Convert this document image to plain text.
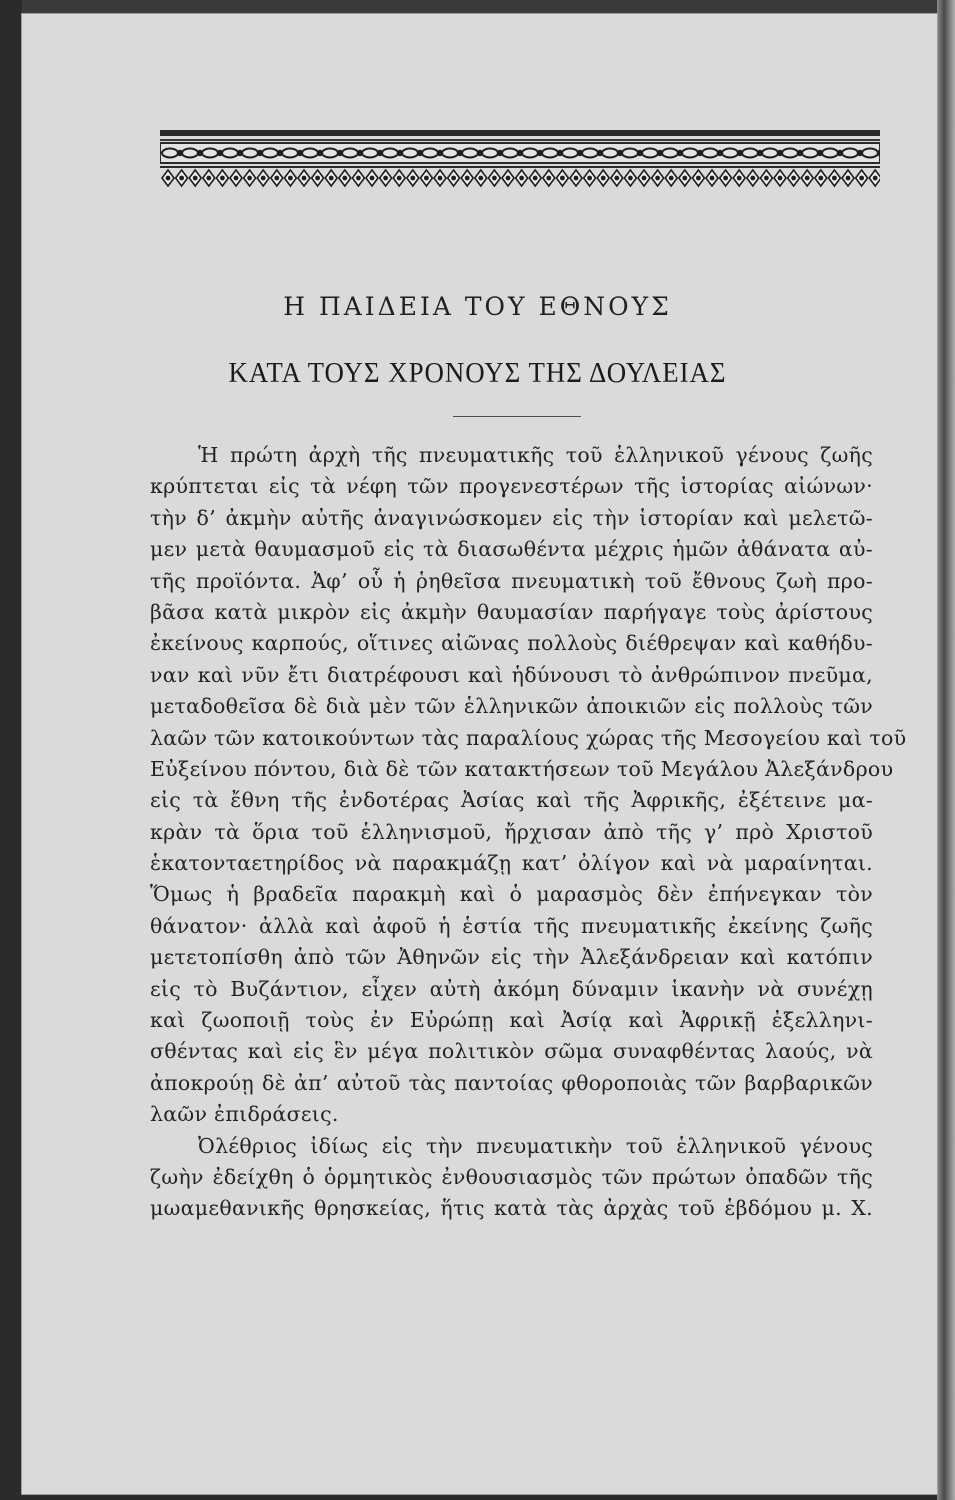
Η ΠΑΙΔΕΙΑ ΤΟΥ ΕΘΝΟΥΣ
ΚΑΤΑ ΤΟΥΣ ΧΡΟΝΟΥΣ ΤΗΣ ΔΟΥΛΕΙΑΣ
Ἡ πρώτη ἀρχὴ τῆς πνευματικῆς τοῦ ἑλληνικοῦ γένους ζωῆς
κρύπτεται εἰς τὰ νέφη τῶν προγενεστέρων τῆς ἱστορίας αἰώνων·
τὴν δ’ ἀκμὴν αὐτῆς ἀναγινώσκομεν εἰς τὴν ἱστορίαν καὶ μελετῶ-
μεν μετὰ θαυμασμοῦ εἰς τὰ διασωθέντα μέχρις ἡμῶν ἀθάνατα αὐ-
τῆς προϊόντα. Ἀφ’ οὗ ἡ ῥηθεῖσα πνευματικὴ τοῦ ἔθνους ζωὴ προ-
βᾶσα κατὰ μικρὸν εἰς ἀκμὴν θαυμασίαν παρήγαγε τοὺς ἀρίστους
ἐκείνους καρπούς, οἵτινες αἰῶνας πολλοὺς διέθρεψαν καὶ καθήδυ-
ναν καὶ νῦν ἔτι διατρέφουσι καὶ ἡδύνουσι τὸ ἀνθρώπινον πνεῦμα,
μεταδοθεῖσα δὲ διὰ μὲν τῶν ἑλληνικῶν ἀποικιῶν εἰς πολλοὺς τῶν
λαῶν τῶν κατοικούντων τὰς παραλίους χώρας τῆς Μεσογείου καὶ τοῦ
Εὐξείνου πόντου, διὰ δὲ τῶν κατακτήσεων τοῦ Μεγάλου Ἀλεξάνδρου
εἰς τὰ ἔθνη τῆς ἐνδοτέρας Ἀσίας καὶ τῆς Ἀφρικῆς, ἐξέτεινε μα-
κρὰν τὰ ὅρια τοῦ ἑλληνισμοῦ, ἤρχισαν ἀπὸ τῆς γ’ πρὸ Χριστοῦ
ἑκατονταετηρίδος νὰ παρακμάζῃ κατ’ ὀλίγον καὶ νὰ μαραίνηται.
Ὅμως ἡ βραδεῖα παρακμὴ καὶ ὁ μαρασμὸς δὲν ἐπήνεγκαν τὸν
θάνατον· ἀλλὰ καὶ ἀφοῦ ἡ ἑστία τῆς πνευματικῆς ἐκείνης ζωῆς
μετετοπίσθη ἀπὸ τῶν Ἀθηνῶν εἰς τὴν Ἀλεξάνδρειαν καὶ κατόπιν
εἰς τὸ Βυζάντιον, εἶχεν αὐτὴ ἀκόμη δύναμιν ἱκανὴν νὰ συνέχῃ
καὶ ζωοποιῇ τοὺς ἐν Εὐρώπῃ καὶ Ἀσίᾳ καὶ Ἀφρικῇ ἐξελληνι-
σθέντας καὶ εἰς ἓν μέγα πολιτικὸν σῶμα συναφθέντας λαούς, νὰ
ἀποκρούῃ δὲ ἀπ’ αὐτοῦ τὰς παντοίας φθοροποιὰς τῶν βαρβαρικῶν
λαῶν ἐπιδράσεις.
Ὀλέθριος ἰδίως εἰς τὴν πνευματικὴν τοῦ ἑλληνικοῦ γένους
ζωὴν ἐδείχθη ὁ ὁρμητικὸς ἐνθουσιασμὸς τῶν πρώτων ὀπαδῶν τῆς
μωαμεθανικῆς θρησκείας, ἥτις κατὰ τὰς ἀρχὰς τοῦ ἑβδόμου μ. Χ.
